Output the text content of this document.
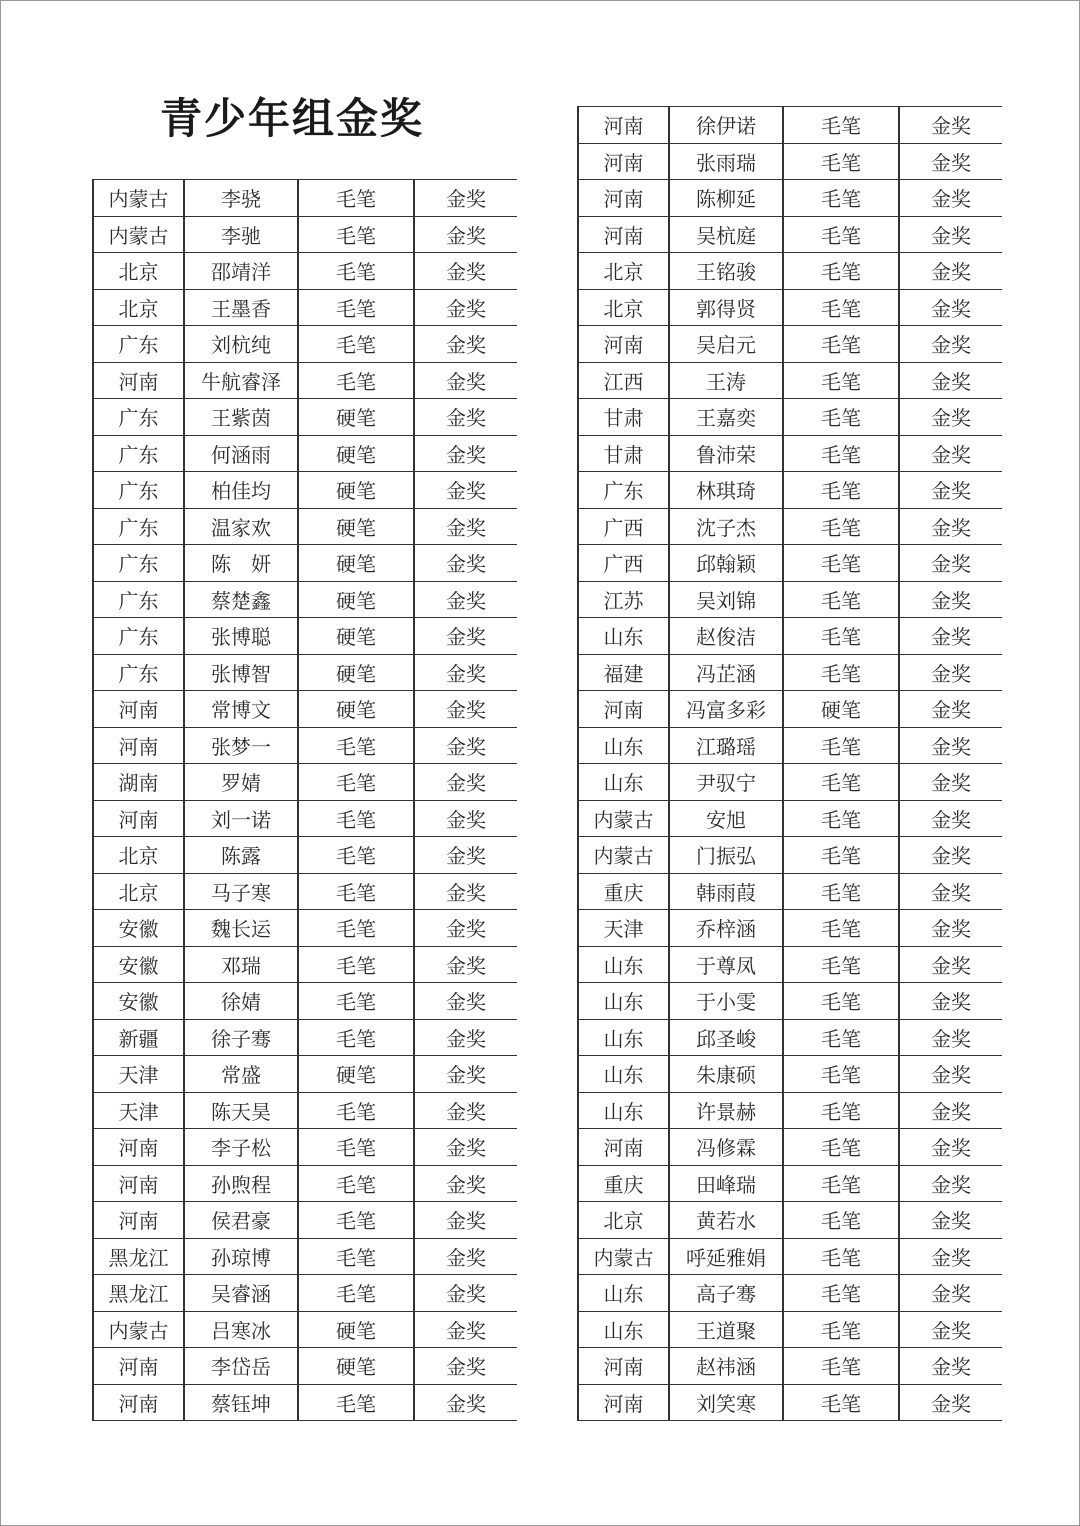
青少年组金奖
内蒙古	李骁	毛笔	金奖
内蒙古	李驰	毛笔	金奖
北京	邵靖洋	毛笔	金奖
北京	王墨香	毛笔	金奖
广东	刘杭纯	毛笔	金奖
河南	牛航睿泽	毛笔	金奖
广东	王紫茵	硬笔	金奖
广东	何涵雨	硬笔	金奖
广东	柏佳均	硬笔	金奖
广东	温家欢	硬笔	金奖
广东	陈　妍	硬笔	金奖
广东	蔡楚鑫	硬笔	金奖
广东	张博聪	硬笔	金奖
广东	张博智	硬笔	金奖
河南	常博文	硬笔	金奖
河南	张梦一	毛笔	金奖
湖南	罗婧	毛笔	金奖
河南	刘一诺	毛笔	金奖
北京	陈露	毛笔	金奖
北京	马子寒	毛笔	金奖
安徽	魏长运	毛笔	金奖
安徽	邓瑞	毛笔	金奖
安徽	徐婧	毛笔	金奖
新疆	徐子骞	毛笔	金奖
天津	常盛	硬笔	金奖
天津	陈天昊	毛笔	金奖
河南	李子松	毛笔	金奖
河南	孙煦程	毛笔	金奖
河南	侯君豪	毛笔	金奖
黑龙江	孙琼博	毛笔	金奖
黑龙江	吴睿涵	毛笔	金奖
内蒙古	吕寒冰	硬笔	金奖
河南	李岱岳	硬笔	金奖
河南	蔡钰坤	毛笔	金奖
河南	徐伊诺	毛笔	金奖
河南	张雨瑞	毛笔	金奖
河南	陈柳延	毛笔	金奖
河南	吴杭庭	毛笔	金奖
北京	王铭骏	毛笔	金奖
北京	郭得贤	毛笔	金奖
河南	吴启元	毛笔	金奖
江西	王涛	毛笔	金奖
甘肃	王嘉奕	毛笔	金奖
甘肃	鲁沛荣	毛笔	金奖
广东	林琪琦	毛笔	金奖
广西	沈子杰	毛笔	金奖
广西	邱翰颖	毛笔	金奖
江苏	吴刘锦	毛笔	金奖
山东	赵俊洁	毛笔	金奖
福建	冯芷涵	毛笔	金奖
河南	冯富多彩	硬笔	金奖
山东	江璐瑶	毛笔	金奖
山东	尹驭宁	毛笔	金奖
内蒙古	安旭	毛笔	金奖
内蒙古	门振弘	毛笔	金奖
重庆	韩雨葭	毛笔	金奖
天津	乔梓涵	毛笔	金奖
山东	于尊凤	毛笔	金奖
山东	于小雯	毛笔	金奖
山东	邱圣峻	毛笔	金奖
山东	朱康硕	毛笔	金奖
山东	许景赫	毛笔	金奖
河南	冯修霖	毛笔	金奖
重庆	田峰瑞	毛笔	金奖
北京	黄若水	毛笔	金奖
内蒙古	呼延雅娟	毛笔	金奖
山东	高子骞	毛笔	金奖
山东	王道聚	毛笔	金奖
河南	赵祎涵	毛笔	金奖
河南	刘笑寒	毛笔	金奖
